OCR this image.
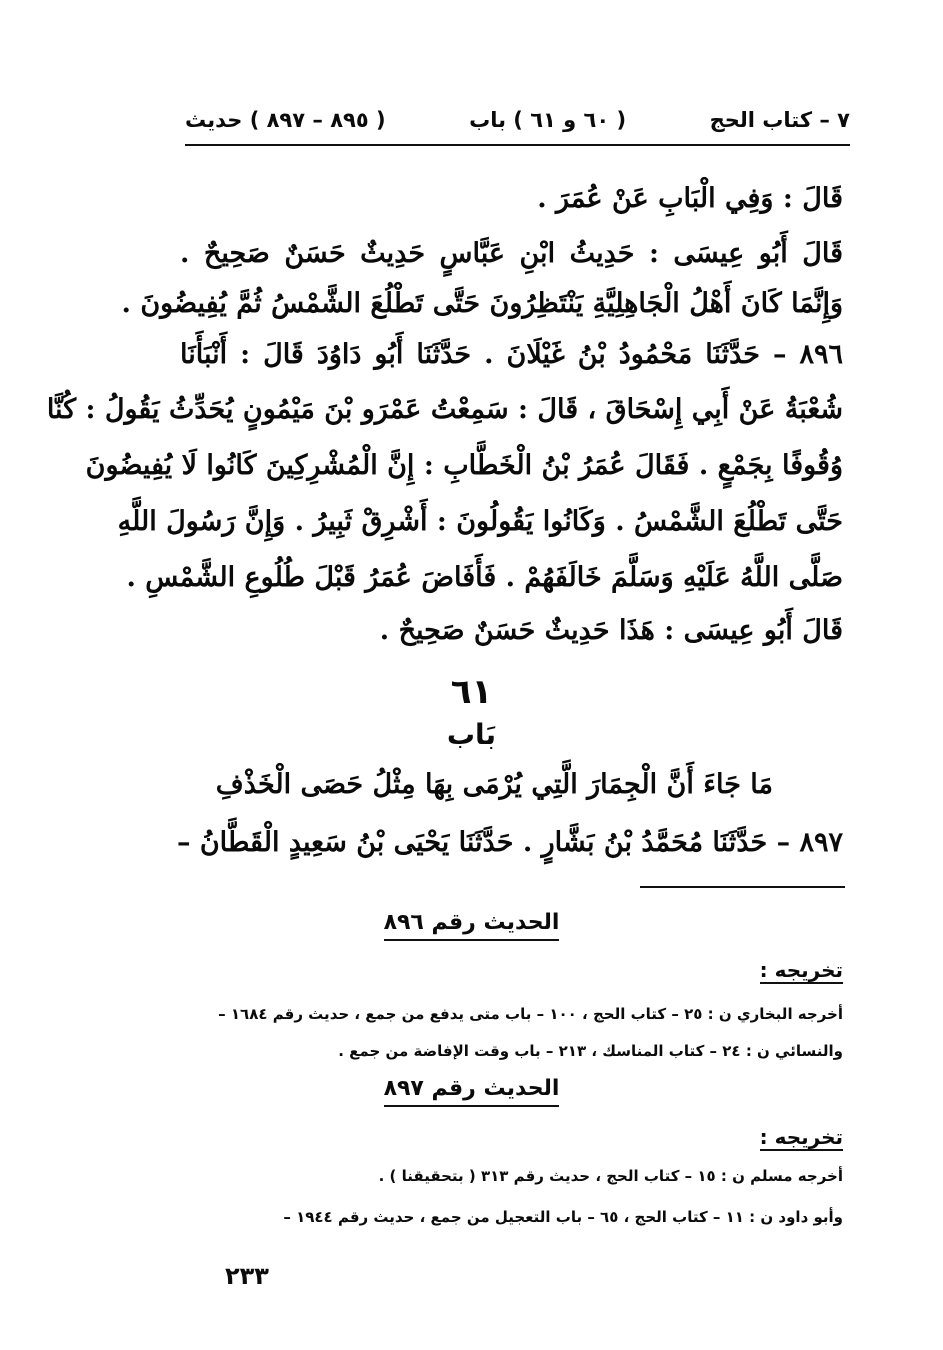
٧ – كتاب الحج
( ٦٠ و ٦١ ) باب
( ٨٩٥ – ٨٩٧ ) حديث
قَالَ : وَفِي الْبَابِ عَنْ عُمَرَ .
قَالَ أَبُو عِيسَى : حَدِيثُ ابْنِ عَبَّاسٍ حَدِيثٌ حَسَنٌ صَحِيحٌ .
وَإِنَّمَا كَانَ أَهْلُ الْجَاهِلِيَّةِ يَنْتَظِرُونَ حَتَّى تَطْلُعَ الشَّمْسُ ثُمَّ يُفِيضُونَ .
٨٩٦ – حَدَّثَنَا مَحْمُودُ بْنُ غَيْلَانَ . حَدَّثَنَا أَبُو دَاوُدَ قَالَ : أَنْبَأَنَا
شُعْبَةُ عَنْ أَبِي إِسْحَاقَ ، قَالَ : سَمِعْتُ عَمْرَو بْنَ مَيْمُونٍ يُحَدِّثُ يَقُولُ : كُنَّا
وُقُوفًا بِجَمْعٍ . فَقَالَ عُمَرُ بْنُ الْخَطَّابِ : إِنَّ الْمُشْرِكِينَ كَانُوا لَا يُفِيضُونَ
حَتَّى تَطْلُعَ الشَّمْسُ . وَكَانُوا يَقُولُونَ : أَشْرِقْ ثَبِيرُ . وَإِنَّ رَسُولَ اللَّهِ
صَلَّى اللَّهُ عَلَيْهِ وَسَلَّمَ خَالَفَهُمْ . فَأَفَاضَ عُمَرُ قَبْلَ طُلُوعِ الشَّمْسِ .
قَالَ أَبُو عِيسَى : هَذَا حَدِيثٌ حَسَنٌ صَحِيحٌ .
٦١
بَاب
مَا جَاءَ أَنَّ الْجِمَارَ الَّتِي يُرْمَى بِهَا مِثْلُ حَصَى الْخَذْفِ
٨٩٧ – حَدَّثَنَا مُحَمَّدُ بْنُ بَشَّارٍ . حَدَّثَنَا يَحْيَى بْنُ سَعِيدٍ الْقَطَّانُ –
الحديث رقم ٨٩٦
تخريجه :
أخرجه البخاري ن : ٢٥ – كتاب الحج ، ١٠٠ – باب متى يدفع من جمع ، حديث رقم ١٦٨٤ –
والنسائي ن : ٢٤ – كتاب المناسك ، ٢١٣ – باب وقت الإفاضة من جمع .
الحديث رقم ٨٩٧
تخريجه :
أخرجه مسلم ن : ١٥ – كتاب الحج ، حديث رقم ٣١٣ ( بتحقيقنا ) .
وأبو داود ن : ١١ – كتاب الحج ، ٦٥ – باب التعجيل من جمع ، حديث رقم ١٩٤٤ –
٢٣٣
